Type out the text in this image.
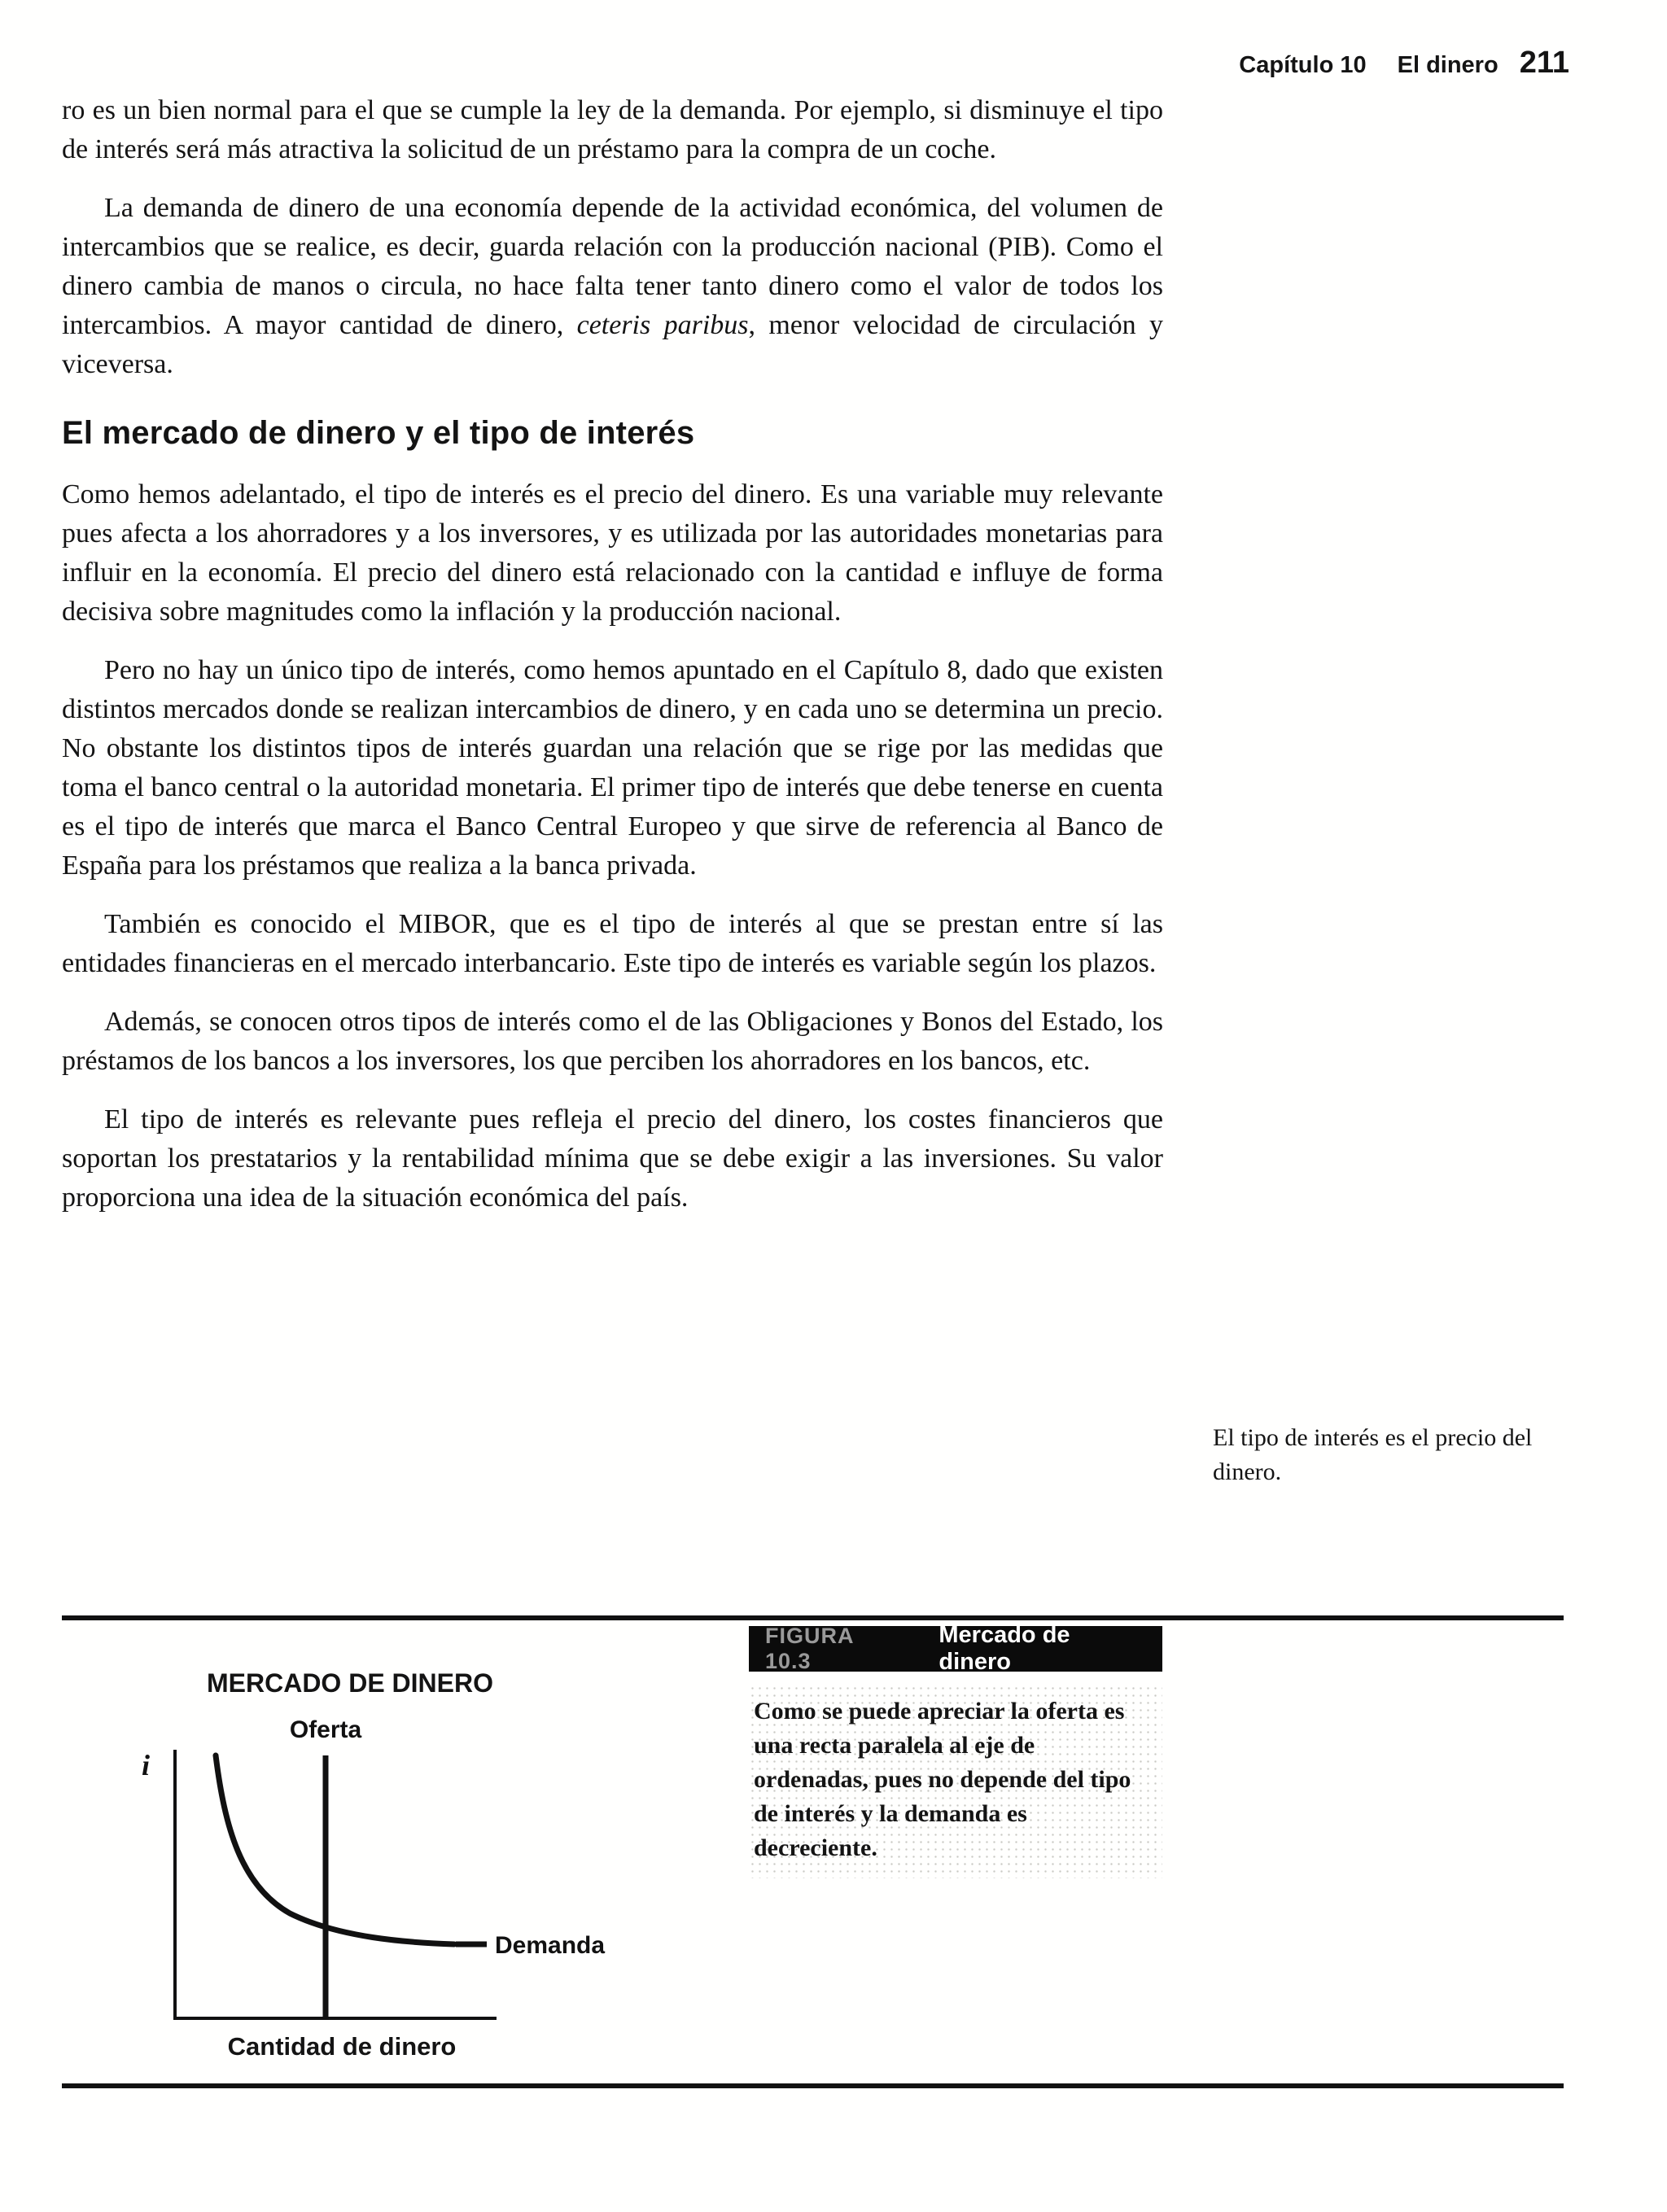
Capítulo 10 El dinero 211

ro es un bien normal para el que se cumple la ley de la demanda. Por ejemplo, si disminuye el tipo de interés será más atractiva la solicitud de un préstamo para la compra de un coche.

La demanda de dinero de una economía depende de la actividad económica, del volumen de intercambios que se realice, es decir, guarda relación con la producción nacional (PIB). Como el dinero cambia de manos o circula, no hace falta tener tanto dinero como el valor de todos los intercambios. A mayor cantidad de dinero, ceteris paribus, menor velocidad de circulación y viceversa.

El mercado de dinero y el tipo de interés

Como hemos adelantado, el tipo de interés es el precio del dinero. Es una variable muy relevante pues afecta a los ahorradores y a los inversores, y es utilizada por las autoridades monetarias para influir en la economía. El precio del dinero está relacionado con la cantidad e influye de forma decisiva sobre magnitudes como la inflación y la producción nacional.

Pero no hay un único tipo de interés, como hemos apuntado en el Capítulo 8, dado que existen distintos mercados donde se realizan intercambios de dinero, y en cada uno se determina un precio. No obstante los distintos tipos de interés guardan una relación que se rige por las medidas que toma el banco central o la autoridad monetaria. El primer tipo de interés que debe tenerse en cuenta es el tipo de interés que marca el Banco Central Europeo y que sirve de referencia al Banco de España para los préstamos que realiza a la banca privada.

También es conocido el MIBOR, que es el tipo de interés al que se prestan entre sí las entidades financieras en el mercado interbancario. Este tipo de interés es variable según los plazos.

Además, se conocen otros tipos de interés como el de las Obligaciones y Bonos del Estado, los préstamos de los bancos a los inversores, los que perciben los ahorradores en los bancos, etc.

El tipo de interés es relevante pues refleja el precio del dinero, los costes financieros que soportan los prestatarios y la rentabilidad mínima que se debe exigir a las inversiones. Su valor proporciona una idea de la situación económica del país.

El tipo de interés es el precio del dinero.
MERCADO DE DINERO
i
Oferta
Demanda
Cantidad de dinero
FIGURA 10.3
Mercado de dinero
Como se puede apreciar la oferta es una recta paralela al eje de ordenadas, pues no depende del tipo de interés y la demanda es decreciente.
